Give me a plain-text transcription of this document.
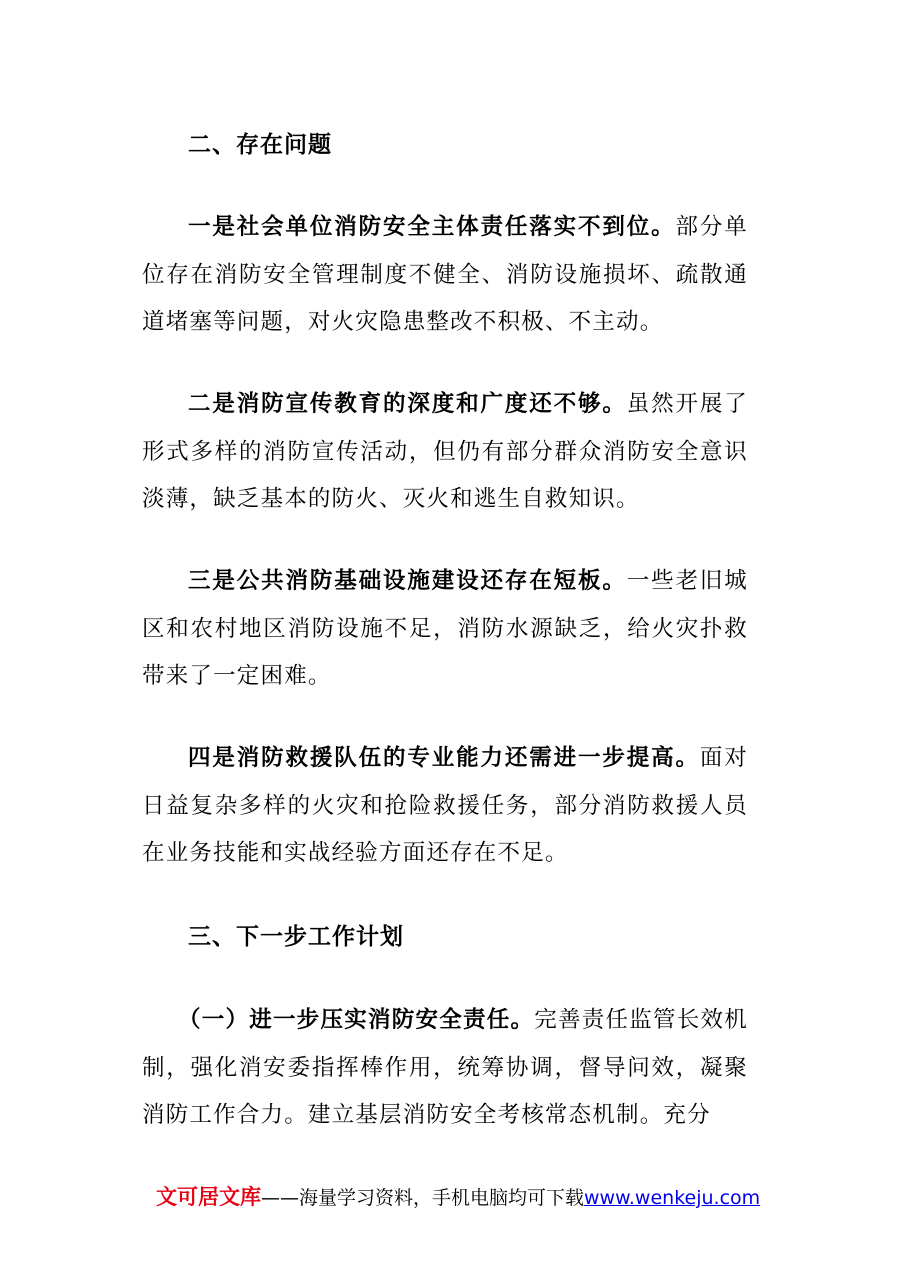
二、存在问题
一是社会单位消防安全主体责任落实不到位。部分单位存在消防安全管理制度不健全、消防设施损坏、疏散通道堵塞等问题，对火灾隐患整改不积极、不主动。
二是消防宣传教育的深度和广度还不够。虽然开展了形式多样的消防宣传活动，但仍有部分群众消防安全意识淡薄，缺乏基本的防火、灭火和逃生自救知识。
三是公共消防基础设施建设还存在短板。一些老旧城区和农村地区消防设施不足，消防水源缺乏，给火灾扑救带来了一定困难。
四是消防救援队伍的专业能力还需进一步提高。面对日益复杂多样的火灾和抢险救援任务，部分消防救援人员在业务技能和实战经验方面还存在不足。
三、下一步工作计划
（一）进一步压实消防安全责任。完善责任监管长效机制，强化消安委指挥棒作用，统筹协调，督导问效，凝聚消防工作合力。建立基层消防安全考核常态机制。充分
文可居文库——海量学习资料，手机电脑均可下载www.wenkeju.com
